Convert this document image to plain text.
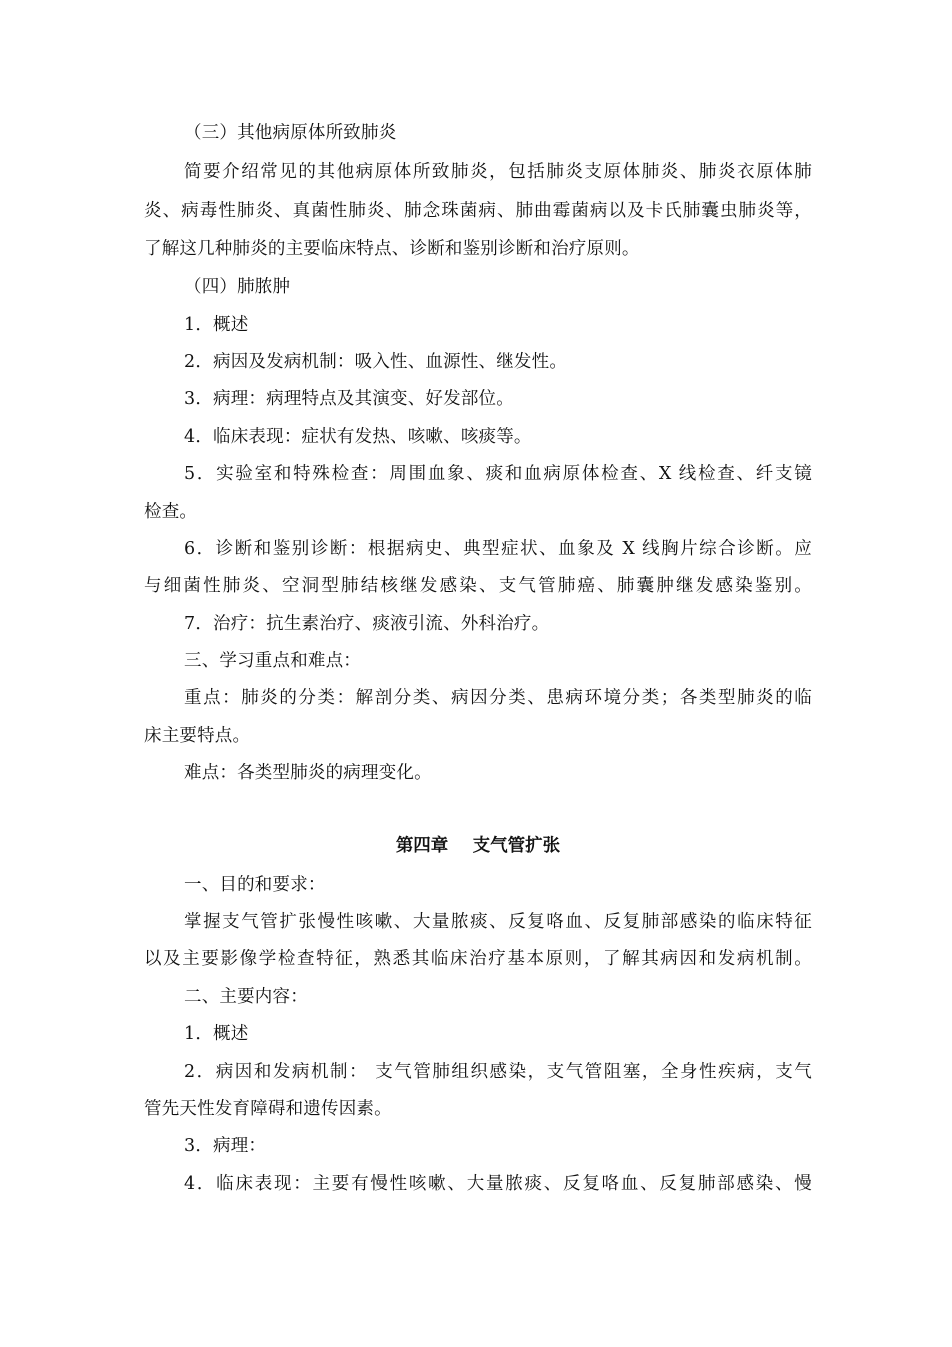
（三）其他病原体所致肺炎
简要介绍常见的其他病原体所致肺炎，包括肺炎支原体肺炎、肺炎衣原体肺
炎、病毒性肺炎、真菌性肺炎、肺念珠菌病、肺曲霉菌病以及卡氏肺囊虫肺炎等，
了解这几种肺炎的主要临床特点、诊断和鉴别诊断和治疗原则。
（四）肺脓肿
1．概述
2．病因及发病机制：吸入性、血源性、继发性。
3．病理：病理特点及其演变、好发部位。
4．临床表现：症状有发热、咳嗽、咳痰等。
5．实验室和特殊检查：周围血象、痰和血病原体检查、X 线检查、纤支镜
检查。
6．诊断和鉴别诊断：根据病史、典型症状、血象及 X 线胸片综合诊断。应
与细菌性肺炎、空洞型肺结核继发感染、支气管肺癌、肺囊肿继发感染鉴别。
7．治疗：抗生素治疗、痰液引流、外科治疗。
三、学习重点和难点：
重点：肺炎的分类：解剖分类、病因分类、患病环境分类；各类型肺炎的临
床主要特点。
难点：各类型肺炎的病理变化。
第四章    支气管扩张
一、目的和要求：
掌握支气管扩张慢性咳嗽、大量脓痰、反复咯血、反复肺部感染的临床特征
以及主要影像学检查特征，熟悉其临床治疗基本原则，了解其病因和发病机制。
二、主要内容：
1．概述
2．病因和发病机制： 支气管肺组织感染，支气管阻塞，全身性疾病，支气
管先天性发育障碍和遗传因素。
3．病理：
4．临床表现：主要有慢性咳嗽、大量脓痰、反复咯血、反复肺部感染、慢
